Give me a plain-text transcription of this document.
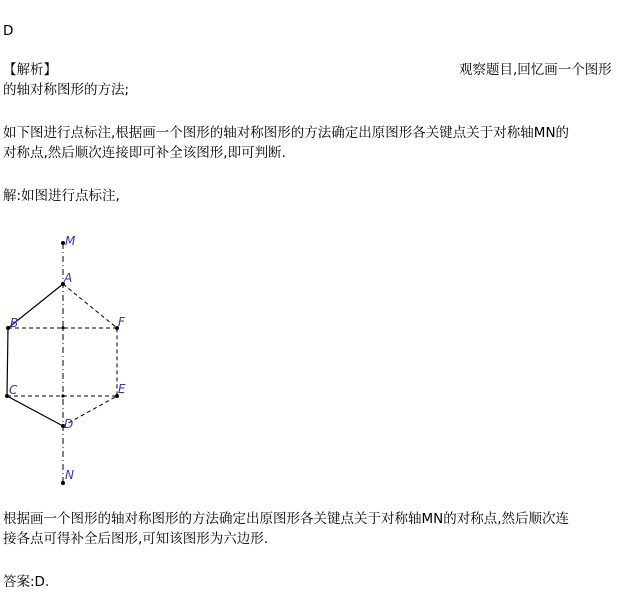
D
【解析】	观察题目,回忆画一个图形
的轴对称图形的方法;
如下图进行点标注,根据画一个图形的轴对称图形的方法确定出原图形各关键点关于对称轴MN的
对称点,然后顺次连接即可补全该图形,即可判断.
解:如图进行点标注,
M
A
B	F
C	E
D
N
根据画一个图形的轴对称图形的方法确定出原图形各关键点关于对称轴MN的对称点,然后顺次连
接各点可得补全后图形,可知该图形为六边形.
答案:D.
